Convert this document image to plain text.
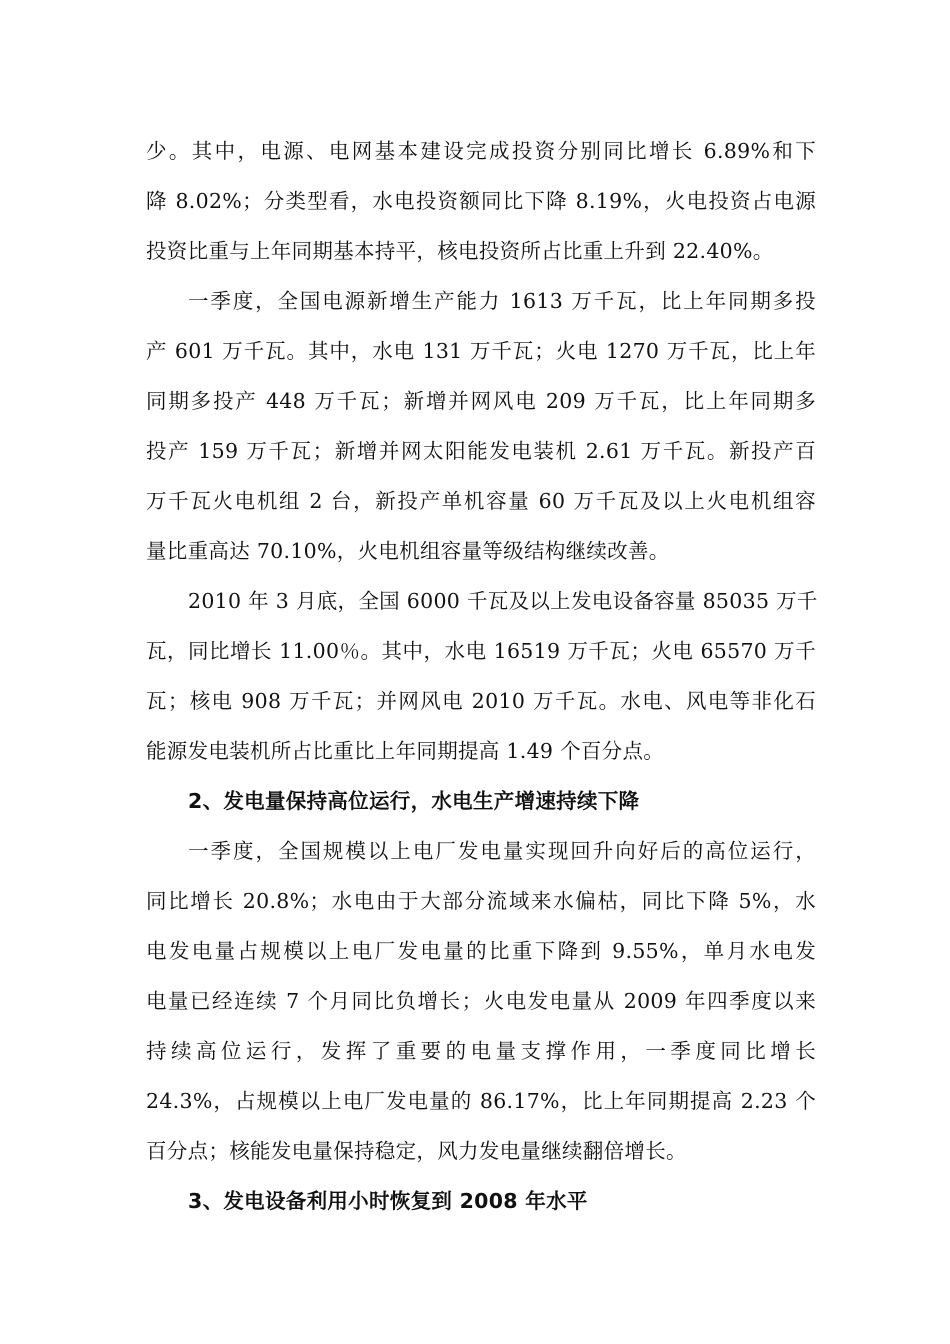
少。其中，电源、电网基本建设完成投资分别同比增长 6.89%和下
降 8.02%；分类型看，水电投资额同比下降 8.19%，火电投资占电源
投资比重与上年同期基本持平，核电投资所占比重上升到 22.40%。
一季度，全国电源新增生产能力 1613 万千瓦，比上年同期多投
产 601 万千瓦。其中，水电 131 万千瓦；火电 1270 万千瓦，比上年
同期多投产 448 万千瓦；新增并网风电 209 万千瓦，比上年同期多
投产 159 万千瓦；新增并网太阳能发电装机 2.61 万千瓦。新投产百
万千瓦火电机组 2 台，新投产单机容量 60 万千瓦及以上火电机组容
量比重高达 70.10%，火电机组容量等级结构继续改善。
2010 年 3 月底，全国 6000 千瓦及以上发电设备容量 85035 万千
瓦，同比增长 11.00％。其中，水电 16519 万千瓦；火电 65570 万千
瓦；核电 908 万千瓦；并网风电 2010 万千瓦。水电、风电等非化石
能源发电装机所占比重比上年同期提高 1.49 个百分点。
2、发电量保持高位运行，水电生产增速持续下降
一季度，全国规模以上电厂发电量实现回升向好后的高位运行，
同比增长 20.8%；水电由于大部分流域来水偏枯，同比下降 5%，水
电发电量占规模以上电厂发电量的比重下降到 9.55%，单月水电发
电量已经连续 7 个月同比负增长；火电发电量从 2009 年四季度以来
持续高位运行，发挥了重要的电量支撑作用，一季度同比增长
24.3%，占规模以上电厂发电量的 86.17%，比上年同期提高 2.23 个
百分点；核能发电量保持稳定，风力发电量继续翻倍增长。
3、发电设备利用小时恢复到 2008 年水平
